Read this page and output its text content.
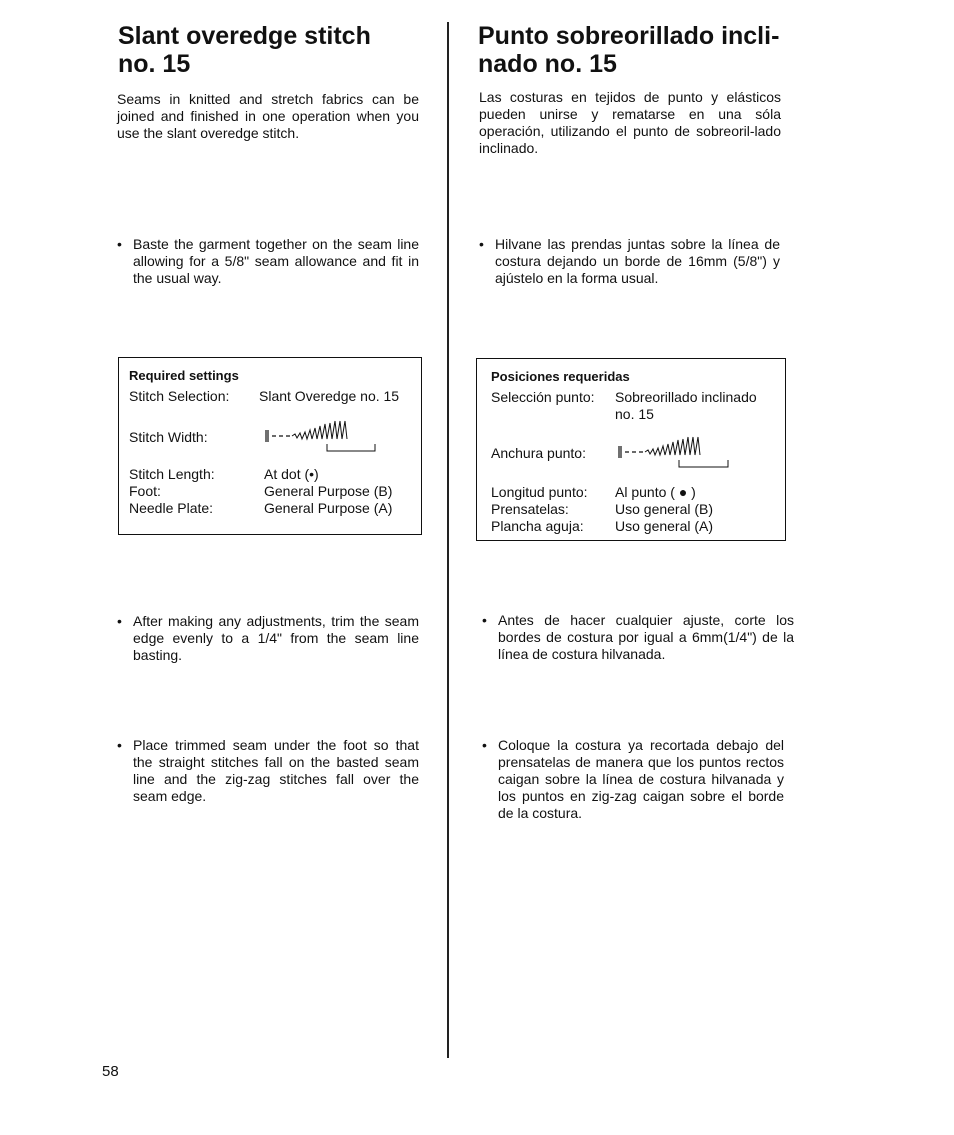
Slant overedge stitch
no. 15
Seams in knitted and stretch fabrics can be joined and finished in one operation when you use the slant overedge stitch.
• Baste the garment together on the seam line allowing for a 5/8" seam allowance and fit in the usual way.
Required settings
Stitch Selection: Slant Overedge no. 15
Stitch Width:
Stitch Length:	At dot (•)
Foot:	General Purpose (B)
Needle Plate:	General Purpose (A)
• After making any adjustments, trim the seam edge evenly to a 1/4" from the seam line basting.
• Place trimmed seam under the foot so that the straight stitches fall on the basted seam line and the zig-zag stitches fall over the seam edge.
Punto sobreorillado incli-
nado no. 15
Las costuras en tejidos de punto y elásticos pueden unirse y rematarse en una sóla operación, utilizando el punto de sobreoril-lado inclinado.
• Hilvane las prendas juntas sobre la línea de costura dejando un borde de 16mm (5/8") y ajústelo en la forma usual.
Posiciones requeridas
Selección punto: Sobreorillado inclinado no. 15
Anchura punto:
Longitud punto: Al punto ( ● )
Prensatelas:	Uso general (B)
Plancha aguja: Uso general (A)
• Antes de hacer cualquier ajuste, corte los bordes de costura por igual a 6mm(1/4") de la línea de costura hilvanada.
• Coloque la costura ya recortada debajo del prensatelas de manera que los puntos rectos caigan sobre la línea de costura hilvanada y los puntos en zig-zag caigan sobre el borde de la costura.
58
